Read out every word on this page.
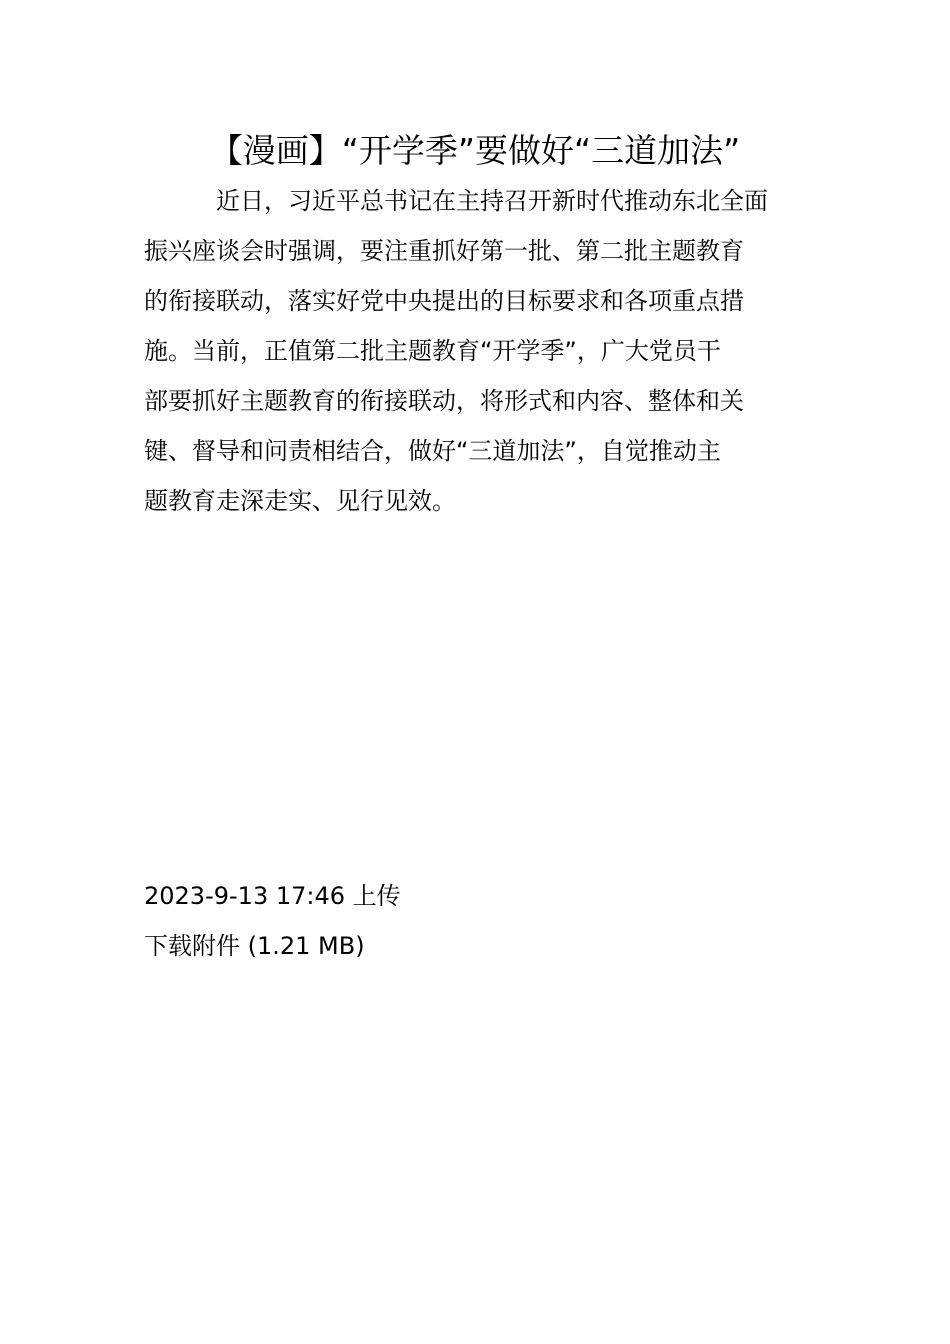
【漫画】“开学季”要做好“三道加法”
近日，习近平总书记在主持召开新时代推动东北全面
振兴座谈会时强调，要注重抓好第一批、第二批主题教育
的衔接联动，落实好党中央提出的目标要求和各项重点措
施。当前，正值第二批主题教育“开学季”，广大党员干
部要抓好主题教育的衔接联动，将形式和内容、整体和关
键、督导和问责相结合，做好“三道加法”，自觉推动主
题教育走深走实、见行见效。

2023-9-13 17:46 上传

下载附件 (1.21 MB)
